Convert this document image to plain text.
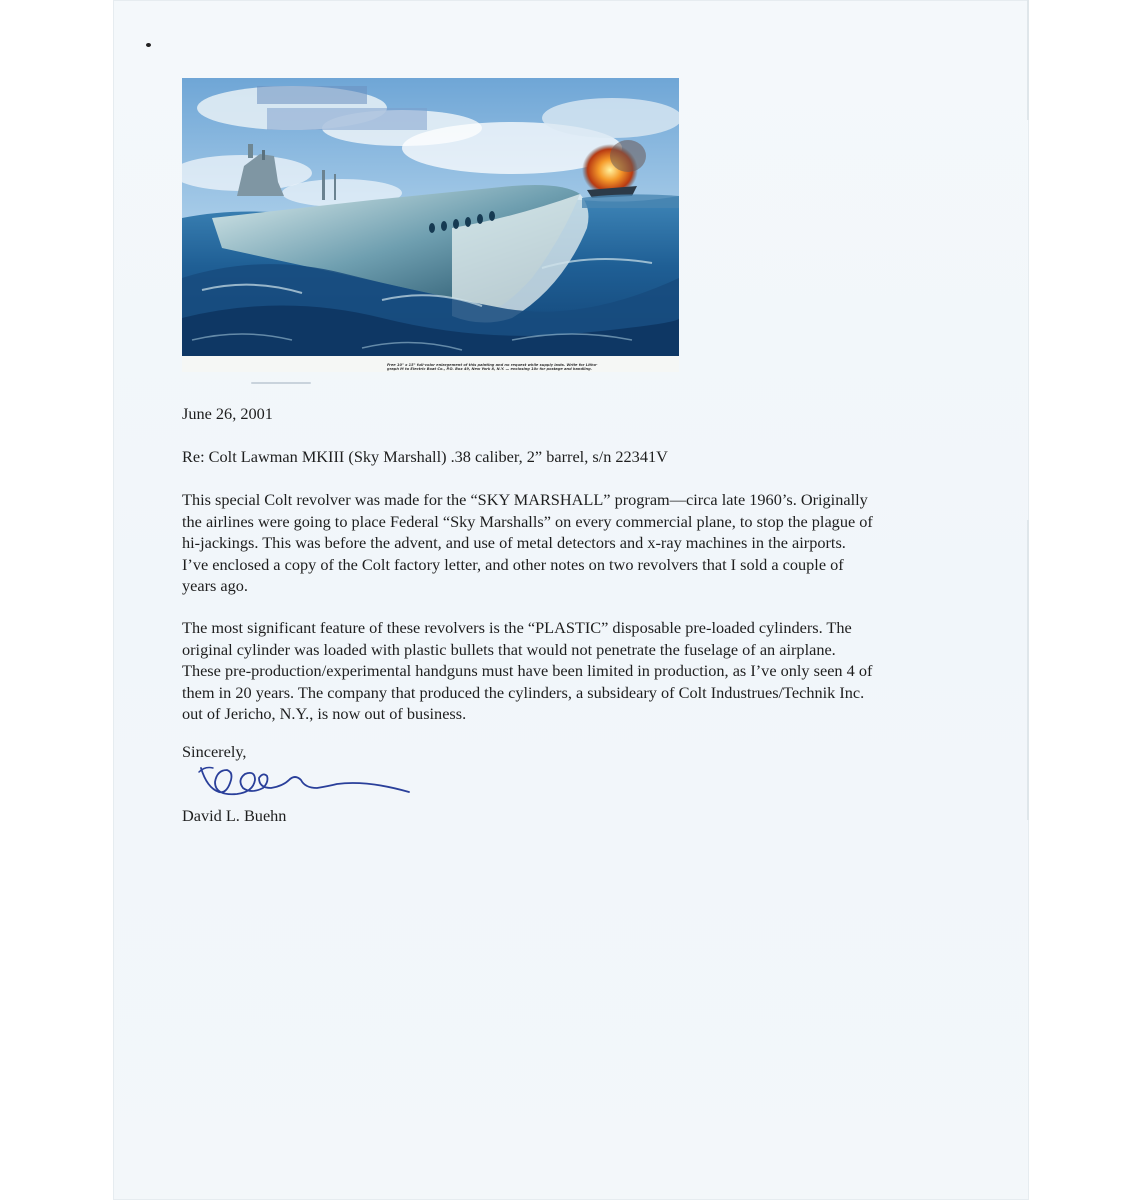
Free 10" x 15" full-color enlargement of this painting and no request while supply lasts. Write for Litho-
graph M to Electric Boat Co., P.O. Box 49, New York 8, N.Y. — enclosing 10c for postage and handling.
June 26, 2001
Re: Colt Lawman MKIII (Sky Marshall) .38 caliber, 2” barrel, s/n 22341V
This special Colt revolver was made for the “SKY MARSHALL” program—circa late 1960’s. Originally
the airlines were going to place Federal “Sky Marshalls” on every commercial plane, to stop the plague of
hi-jackings. This was before the advent, and use of metal detectors and x-ray machines in the airports.
I’ve enclosed a copy of the Colt factory letter, and other notes on two revolvers that I sold a couple of
years ago.
The most significant feature of these revolvers is the “PLASTIC” disposable pre-loaded cylinders. The
original cylinder was loaded with plastic bullets that would not penetrate the fuselage of an airplane.
These pre-production/experimental handguns must have been limited in production, as I’ve only seen 4 of
them in 20 years. The company that produced the cylinders, a subsideary of Colt Industrues/Technik Inc.
out of Jericho, N.Y., is now out of business.
Sincerely,
David L. Buehn
